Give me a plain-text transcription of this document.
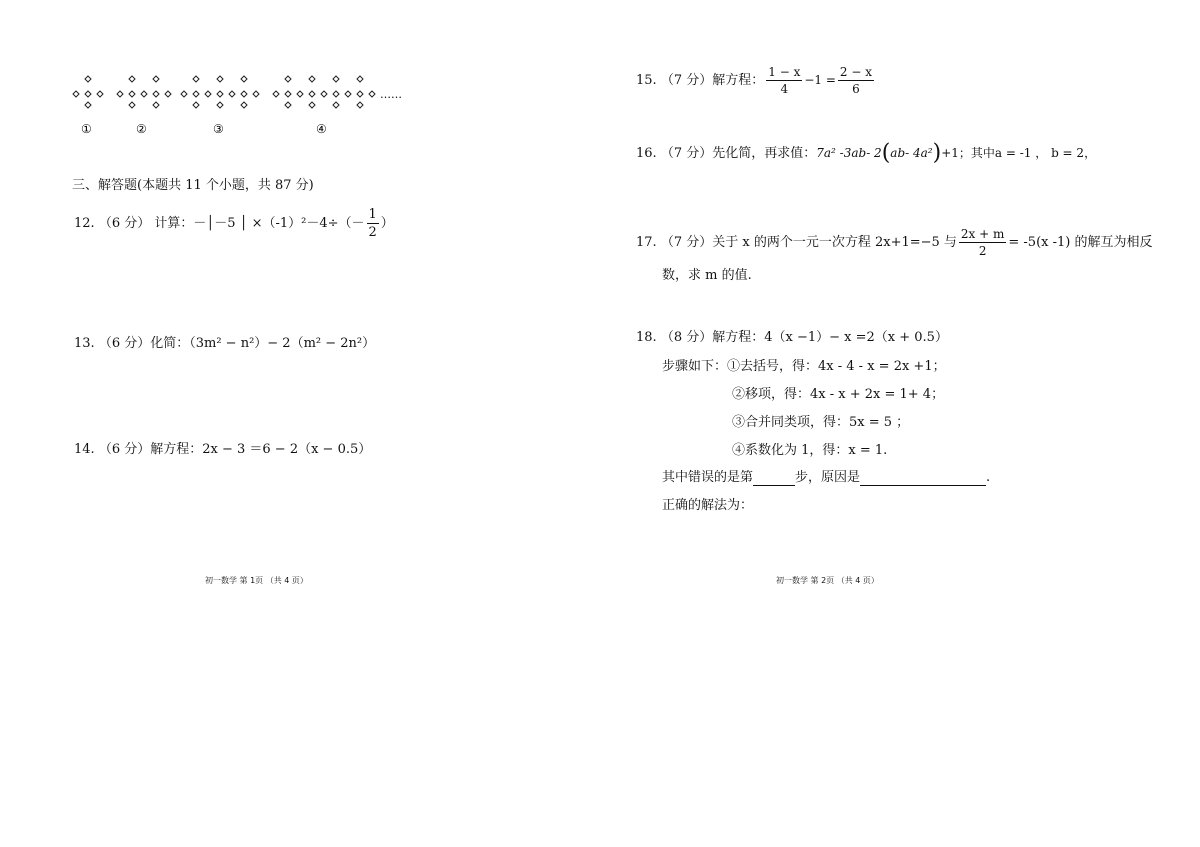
……
①	②	③	④
三、解答题(本题共 11 个小题，共 87 分)
12. （6 分） 计算：－│－5 │ $\times(-1)^2-4\div(- \frac{1}{2}$ ）
13. （6 分）化简：（3m² − n²）− 2（m² − 2n²）
14. （6 分）解方程：2x − 3 ＝6 − 2（x − 0.5）
初一数学 第 1页 （共 4 页）
15. （7 分）解方程： $\frac{1 - x}{4} -1 = \frac{2 - x}{6}$
16. （7 分）先化简，再求值：7a² -3ab- 2(ab- 4a²)+1；其中a = -1 ， b = 2，
17. （7 分）关于 x 的两个一元一次方程 2x+1=−5 与 $\frac{2x + m}{2} = -5(x$ -1) 的解互为相反
数，求 m 的值.
18. （8 分）解方程：4（x −1）− x =2（x + 0.5）
步骤如下：①去括号，得：4x - 4 - x = 2x +1；
②移项，得：4x - x + 2x = 1+ 4；
③合并同类项，得：5x = 5 ；
④系数化为 1，得：x = 1.
其中错误的是第	步，原因是	.
正确的解法为：
初一数学 第 2页 （共 4 页）
